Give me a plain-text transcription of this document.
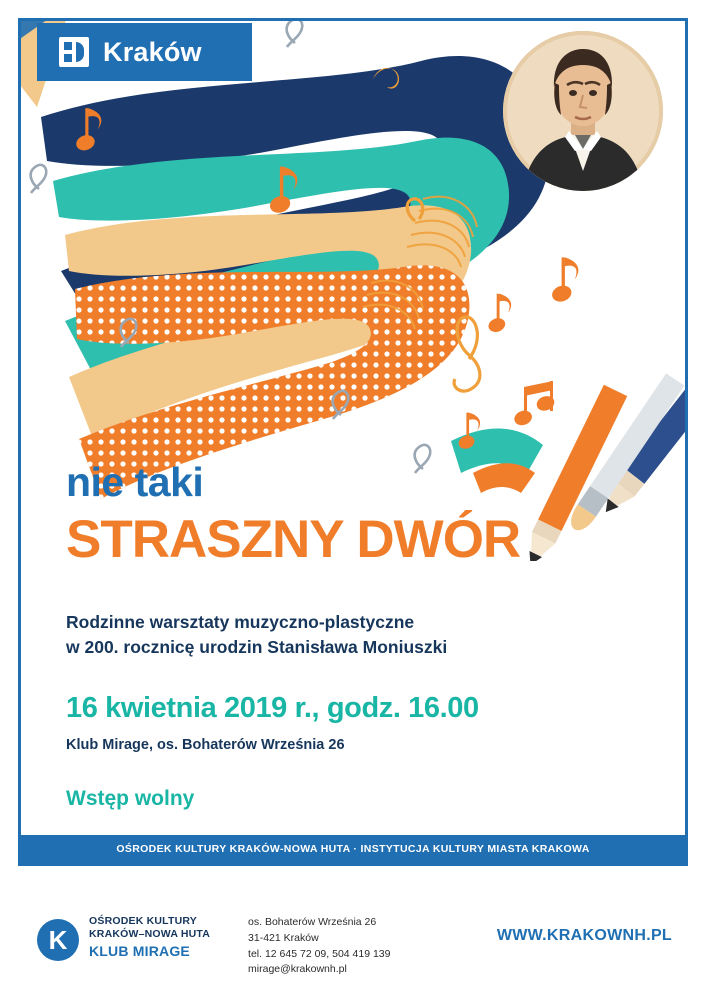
nie taki
STRASZNY DWÓR
Rodzinne warsztaty muzyczno-plastyczne
w 200. rocznicę urodzin Stanisława Moniuszki
16 kwietnia 2019 r., godz. 16.00
Klub Mirage, os. Bohaterów Września 26
Wstęp wolny
OŚRODEK KULTURY KRAKÓW-NOWA HUTA · INSTYTUCJA KULTURY MIASTA KRAKOWA
Kraków
K
OŚRODEK KULTURY
KRAKÓW–NOWA HUTA
KLUB MIRAGE
os. Bohaterów Września 26
31-421 Kraków
tel. 12 645 72 09, 504 419 139
mirage@krakownh.pl
WWW.KRAKOWNH.PL
